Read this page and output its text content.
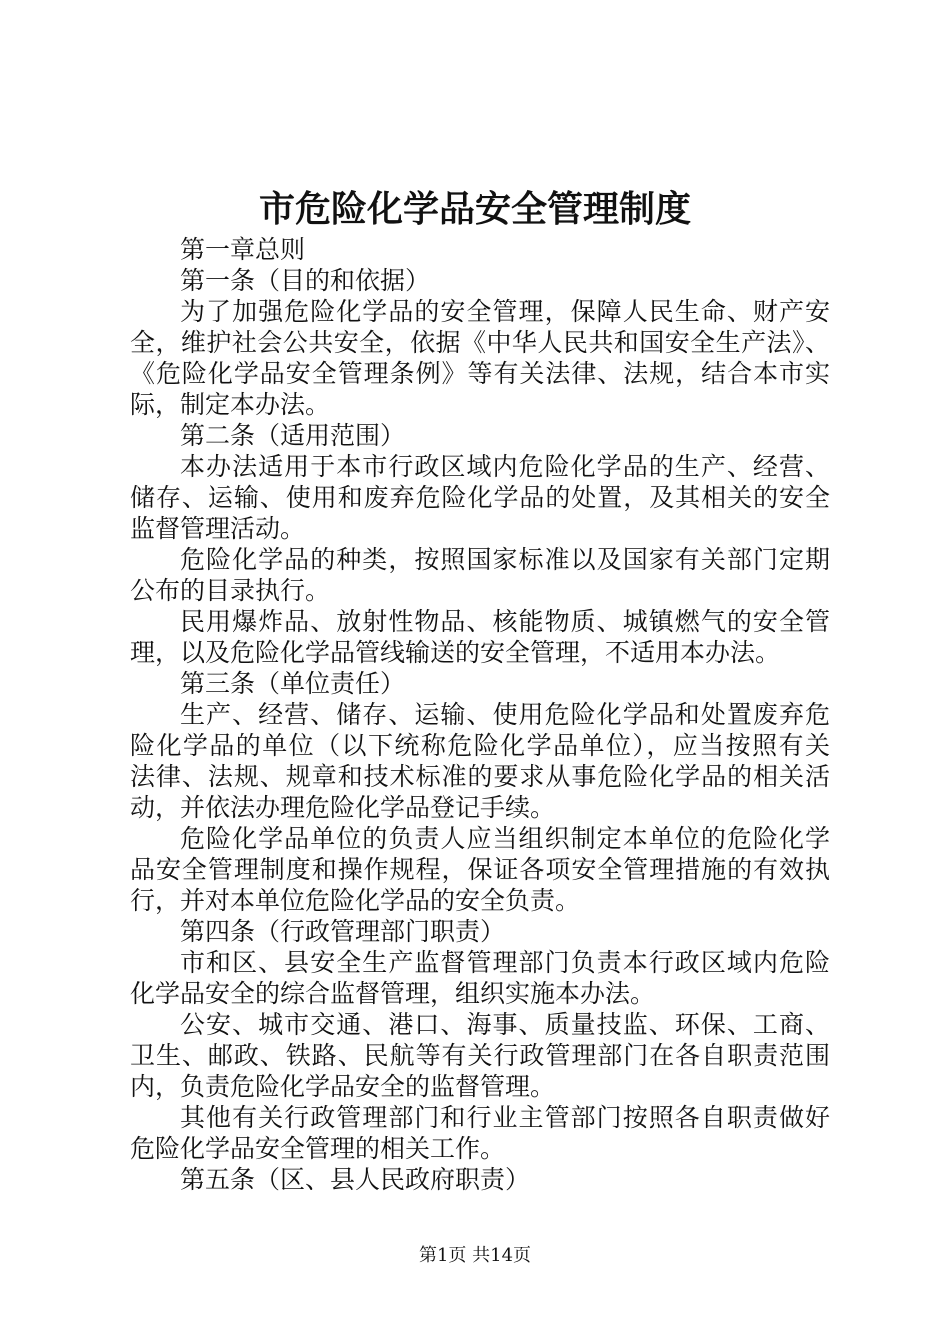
市危险化学品安全管理制度

第一章总则

第一条（目的和依据）

为了加强危险化学品的安全管理，保障人民生命、财产安

全，维护社会公共安全，依据《中华人民共和国安全生产法》、

《危险化学品安全管理条例》等有关法律、法规，结合本市实

际，制定本办法。

第二条（适用范围）

本办法适用于本市行政区域内危险化学品的生产、经营、

储存、运输、使用和废弃危险化学品的处置，及其相关的安全

监督管理活动。

危险化学品的种类，按照国家标准以及国家有关部门定期

公布的目录执行。

民用爆炸品、放射性物品、核能物质、城镇燃气的安全管

理，以及危险化学品管线输送的安全管理，不适用本办法。

第三条（单位责任）

生产、经营、储存、运输、使用危险化学品和处置废弃危

险化学品的单位（以下统称危险化学品单位），应当按照有关

法律、法规、规章和技术标准的要求从事危险化学品的相关活

动，并依法办理危险化学品登记手续。

危险化学品单位的负责人应当组织制定本单位的危险化学

品安全管理制度和操作规程，保证各项安全管理措施的有效执

行，并对本单位危险化学品的安全负责。

第四条（行政管理部门职责）

市和区、县安全生产监督管理部门负责本行政区域内危险

化学品安全的综合监督管理，组织实施本办法。

公安、城市交通、港口、海事、质量技监、环保、工商、

卫生、邮政、铁路、民航等有关行政管理部门在各自职责范围

内，负责危险化学品安全的监督管理。

其他有关行政管理部门和行业主管部门按照各自职责做好

危险化学品安全管理的相关工作。

第五条（区、县人民政府职责）

第1页 共14页
